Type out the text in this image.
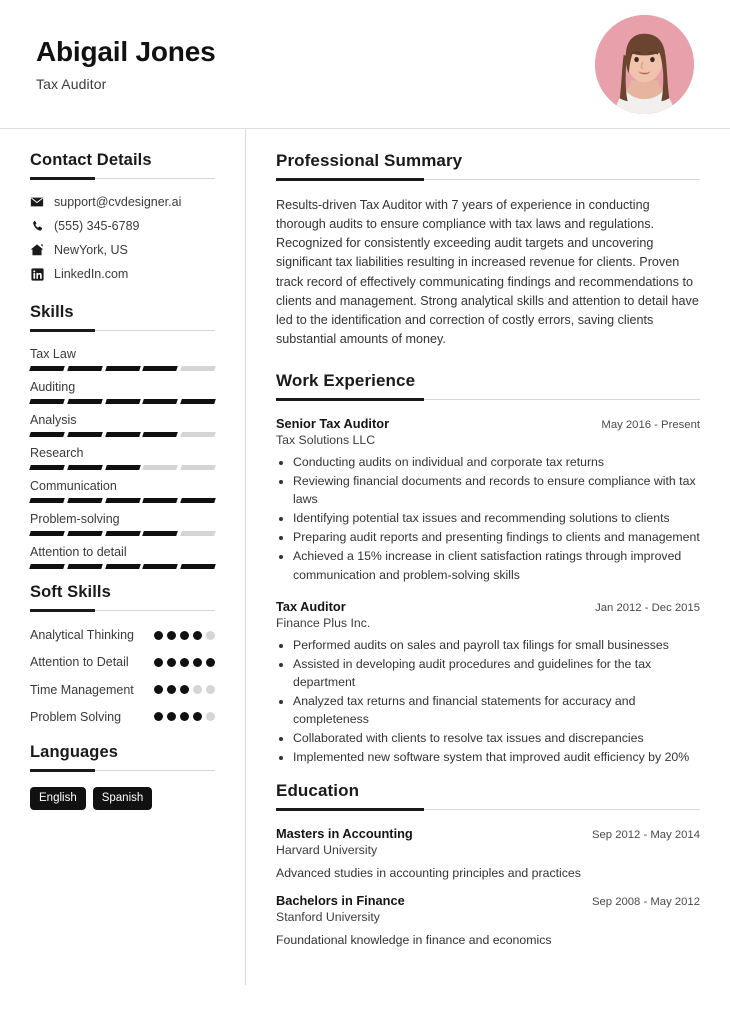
Abigail Jones
Tax Auditor
Contact Details
support@cvdesigner.ai
(555) 345-6789
NewYork, US
LinkedIn.com
Skills
Tax Law
Auditing
Analysis
Research
Communication
Problem-solving
Attention to detail
Soft Skills
Analytical Thinking
Attention to Detail
Time Management
Problem Solving
Languages
English	Spanish
Professional Summary
Results-driven Tax Auditor with 7 years of experience in conducting thorough audits to ensure compliance with tax laws and regulations. Recognized for consistently exceeding audit targets and uncovering significant tax liabilities resulting in increased revenue for clients. Proven track record of effectively communicating findings and recommendations to clients and management. Strong analytical skills and attention to detail have led to the identification and correction of costly errors, saving clients substantial amounts of money.
Work Experience
Senior Tax Auditor	May 2016 - Present
Tax Solutions LLC
• Conducting audits on individual and corporate tax returns
• Reviewing financial documents and records to ensure compliance with tax laws
• Identifying potential tax issues and recommending solutions to clients
• Preparing audit reports and presenting findings to clients and management
• Achieved a 15% increase in client satisfaction ratings through improved communication and problem-solving skills
Tax Auditor	Jan 2012 - Dec 2015
Finance Plus Inc.
• Performed audits on sales and payroll tax filings for small businesses
• Assisted in developing audit procedures and guidelines for the tax department
• Analyzed tax returns and financial statements for accuracy and completeness
• Collaborated with clients to resolve tax issues and discrepancies
• Implemented new software system that improved audit efficiency by 20%
Education
Masters in Accounting	Sep 2012 - May 2014
Harvard University
Advanced studies in accounting principles and practices
Bachelors in Finance	Sep 2008 - May 2012
Stanford University
Foundational knowledge in finance and economics
